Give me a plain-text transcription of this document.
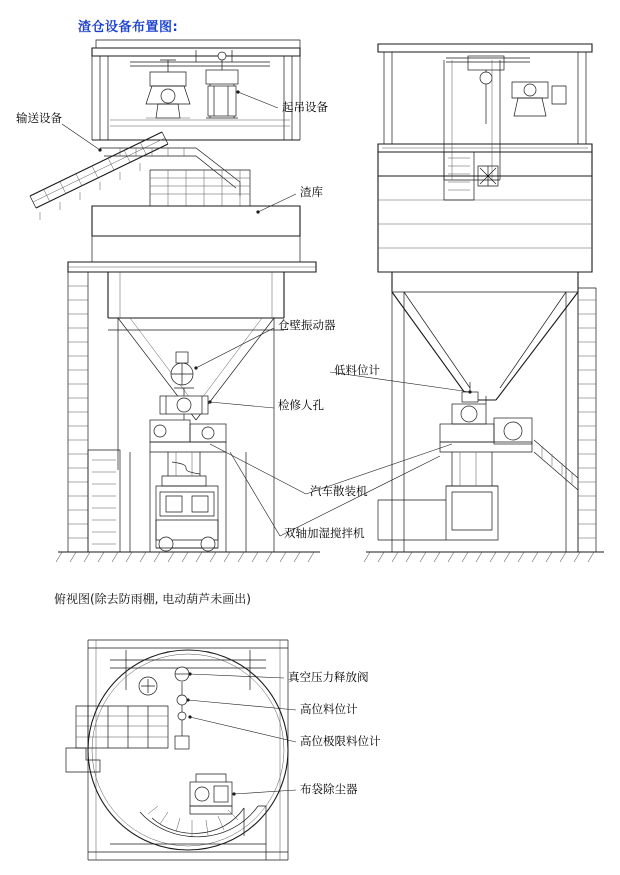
渣仓设备布置图:
俯视图(除去防雨棚, 电动葫芦未画出)
输送设备
起吊设备
渣库
仓壁振动器
低料位计
检修人孔
汽车散装机
双轴加湿搅拌机
真空压力释放阀
高位料位计
高位极限料位计
布袋除尘器
